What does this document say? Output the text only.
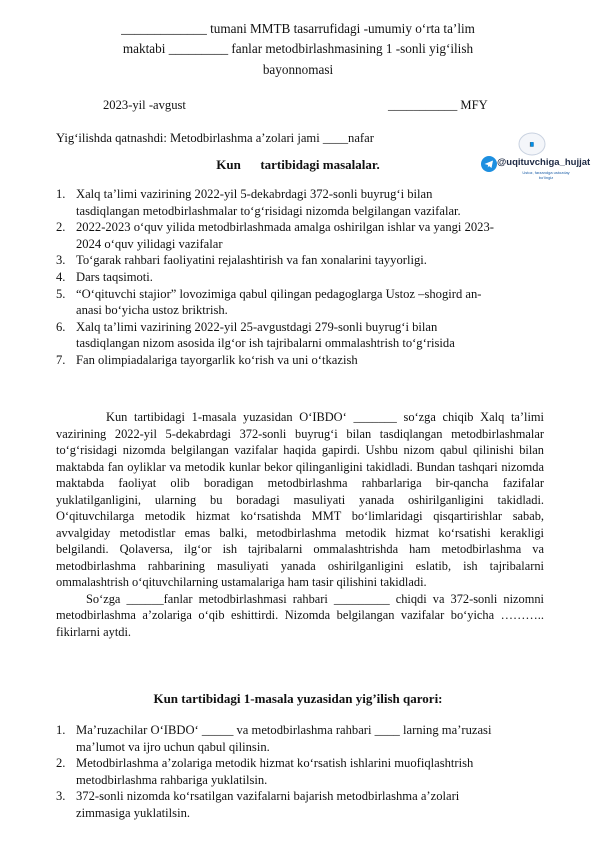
_____________ tumani MMTB tasarrufidagi -umumiy o‘rta ta’lim
maktabi _________ fanlar metodbirlashmasining 1 -sonli yig‘ilish
bayonnomasi
2023-yil -avgust	___________ MFY
Yig‘ilishda qatnashdi: Metodbirlashma a’zolari jami ____nafar	📘
@uqituvchiga_hujjat
Ustoz, farzandga ustozday bo‘lingiz
Kun      tartibidagi masalalar.
1. Xalq ta’limi vazirining 2022-yil 5-dekabrdagi 372-sonli buyrug‘i bilan
tasdiqlangan metodbirlashmalar to‘g‘risidagi nizomda belgilangan vazifalar.
2. 2022-2023 o‘quv yilida metodbirlashmada amalga oshirilgan ishlar va yangi 2023-
2024 o‘quv yilidagi vazifalar
3. To‘garak rahbari faoliyatini rejalashtirish va fan xonalarini tayyorligi.
4. Dars taqsimoti.
5. “O‘qituvchi stajior” lovozimiga qabul qilingan pedagoglarga Ustoz –shogird an-
anasi bo‘yicha ustoz briktrish.
6. Xalq ta’limi vazirining 2022-yil 25-avgustdagi 279-sonli buyrug‘i bilan
tasdiqlangan nizom asosida ilg‘or ish tajribalarni ommalashtrish to‘g‘risida
7. Fan olimpiadalariga tayorgarlik ko‘rish va uni o‘tkazish

Kun tartibidagi 1-masala yuzasidan O‘IBDO‘ _______ so‘zga chiqib Xalq ta’limi vazirining 2022-yil 5-dekabrdagi 372-sonli buyrug‘i bilan tasdiqlangan metodbirlashmalar to‘g‘risidagi nizomda belgilangan vazifalar haqida gapirdi. Ushbu nizom qabul qilinishi bilan maktabda fan oyliklar va metodik kunlar bekor qilinganligini takidladi. Bundan tashqari nizomda maktabda faoliyat olib boradigan metodbirlashma rahbarlariga bir-qancha fazifalar yuklatilganligini, ularning bu boradagi masuliyati yanada oshirilganligini takidladi. O‘qituvchilarga metodik hizmat ko‘rsatishda MMT bo‘limlaridagi qisqartirishlar sabab, avvalgiday metodistlar emas balki, metodbirlashma metodik hizmat ko‘rsatishi kerakligi belgilandi. Qolaversa, ilg‘or ish tajribalarni ommalashtrishda ham metodbirlashma va metodbirlashma rahbarining masuliyati yanada oshirilganligini eslatib, ish tajribalarni ommalashtrish o‘qituvchilarning ustamalariga ham tasir qilishini takidladi.

So‘zga ______fanlar metodbirlashmasi rahbari _________ chiqdi va 372-sonli nizomni metodbirlashma a’zolariga o‘qib eshittirdi. Nizomda belgilangan vazifalar bo‘yicha ……….. fikirlarni aytdi.

Kun tartibidagi 1-masala yuzasidan yig’ilish qarori:
1. Ma’ruzachilar O‘IBDO‘ _____ va metodbirlashma rahbari ____ larning ma’ruzasi
ma’lumot va ijro uchun qabul qilinsin.
2. Metodbirlashma a’zolariga metodik hizmat ko‘rsatish ishlarini muofiqlashtrish
metodbirlashma rahbariga yuklatilsin.
3. 372-sonli nizomda ko‘rsatilgan vazifalarni bajarish metodbirlashma a’zolari
zimmasiga yuklatilsin.
